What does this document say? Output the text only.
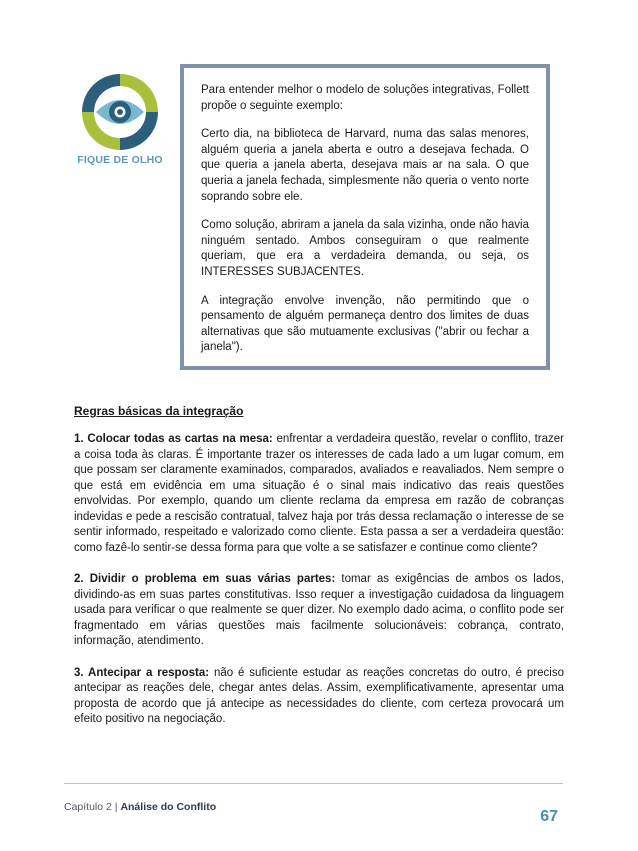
FIQUE DE OLHO

Para entender melhor o modelo de soluções integrativas, Follett propõe o seguinte exemplo:

Certo dia, na biblioteca de Harvard, numa das salas menores, alguém queria a janela aberta e outro a desejava fechada. O que queria a janela aberta, desejava mais ar na sala. O que queria a janela fechada, simplesmente não queria o vento norte soprando sobre ele.

Como solução, abriram a janela da sala vizinha, onde não havia ninguém sentado. Ambos conseguiram o que realmente queriam, que era a verdadeira demanda, ou seja, os INTERESSES SUBJACENTES.

A integração envolve invenção, não permitindo que o pensamento de alguém permaneça dentro dos limites de duas alternativas que são mutuamente exclusivas ("abrir ou fechar a janela").

Regras básicas da integração

1. Colocar todas as cartas na mesa: enfrentar a verdadeira questão, revelar o conflito, trazer a coisa toda às claras. É importante trazer os interesses de cada lado a um lugar comum, em que possam ser claramente examinados, comparados, avaliados e reavaliados. Nem sempre o que está em evidência em uma situação é o sinal mais indicativo das reais questões envolvidas. Por exemplo, quando um cliente reclama da empresa em razão de cobranças indevidas e pede a rescisão contratual, talvez haja por trás dessa reclamação o interesse de se sentir informado, respeitado e valorizado como cliente. Esta passa a ser a verdadeira questão: como fazê-lo sentir-se dessa forma para que volte a se satisfazer e continue como cliente?

2. Dividir o problema em suas várias partes: tomar as exigências de ambos os lados, dividindo-as em suas partes constitutivas. Isso requer a investigação cuidadosa da linguagem usada para verificar o que realmente se quer dizer. No exemplo dado acima, o conflito pode ser fragmentado em várias questões mais facilmente solucionáveis: cobrança, contrato, informação, atendimento.

3. Antecipar a resposta: não é suficiente estudar as reações concretas do outro, é preciso antecipar as reações dele, chegar antes delas. Assim, exemplificativamente, apresentar uma proposta de acordo que já antecipe as necessidades do cliente, com certeza provocará um efeito positivo na negociação.

Capítulo 2 | Análise do Conflito
67
